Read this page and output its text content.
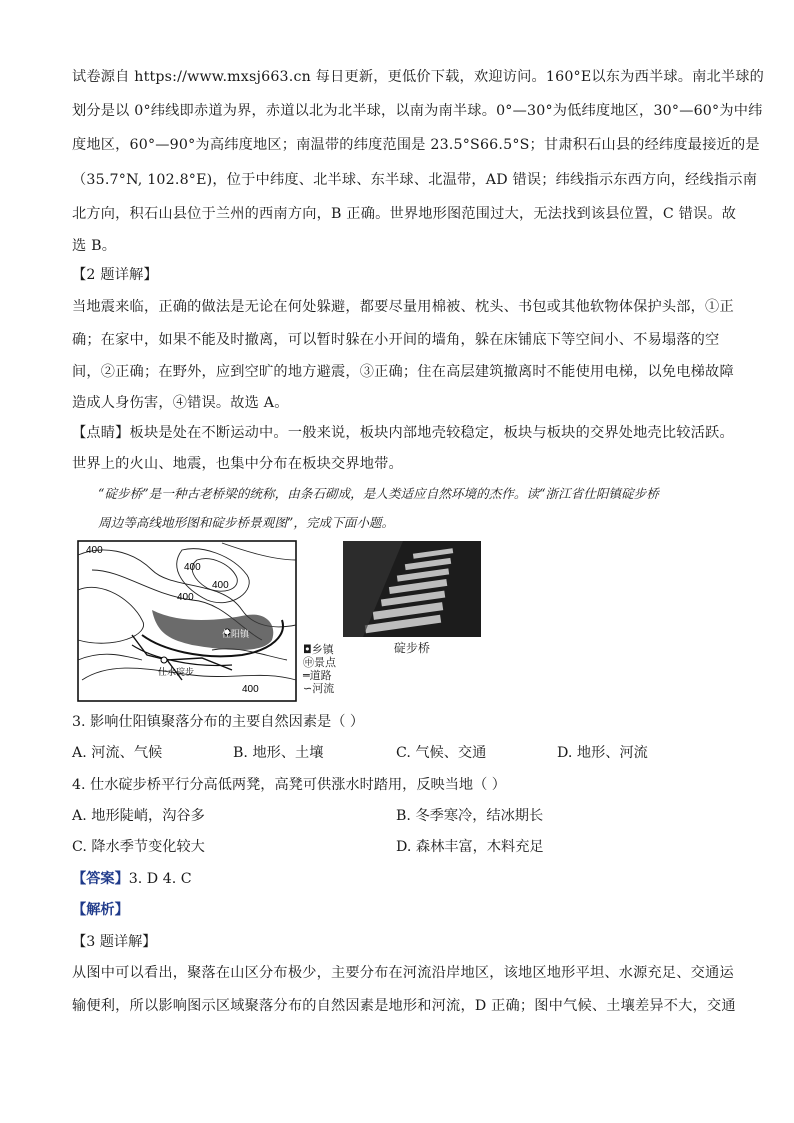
试卷源自 https://www.mxsj663.cn 每日更新，更低价下载，欢迎访问。160°E以东为西半球。南北半球的
划分是以 0°纬线即赤道为界，赤道以北为北半球，以南为南半球。0°—30°为低纬度地区，30°—60°为中纬
度地区，60°—90°为高纬度地区；南温带的纬度范围是 23.5°S66.5°S；甘肃积石山县的经纬度最接近的是
（35.7°N, 102.8°E)，位于中纬度、北半球、东半球、北温带，AD 错误；纬线指示东西方向，经线指示南
北方向，积石山县位于兰州的西南方向，B 正确。世界地形图范围过大，无法找到该县位置，C 错误。故
选 B。
【2 题详解】
当地震来临，正确的做法是无论在何处躲避，都要尽量用棉被、枕头、书包或其他软物体保护头部，①正
确；在家中，如果不能及时撤离，可以暂时躲在小开间的墙角，躲在床铺底下等空间小、不易塌落的空
间，②正确；在野外，应到空旷的地方避震，③正确；住在高层建筑撤离时不能使用电梯，以免电梯故障
造成人身伤害，④错误。故选 A。
【点睛】板块是处在不断运动中。一般来说，板块内部地壳较稳定，板块与板块的交界处地壳比较活跃。
世界上的火山、地震，也集中分布在板块交界地带。
“碇步桥”是一种古老桥梁的统称，由条石砌成，是人类适应自然环境的杰作。读“浙江省仕阳镇碇步桥
周边等高线地形图和碇步桥景观图”，完成下面小题。
400
400
400
400
400
仕阳镇
仕水碇步
◘乡镇
㊥景点
═道路
∽河流
碇步桥
3. 影响仕阳镇聚落分布的主要自然因素是（ ）
A. 河流、气候	B. 地形、土壤	C. 气候、交通	D. 地形、河流
4. 仕水碇步桥平行分高低两凳，高凳可供涨水时踏用，反映当地（ ）
A. 地形陡峭，沟谷多	B. 冬季寒冷，结冰期长
C. 降水季节变化较大	D. 森林丰富，木料充足
【答案】3. D 4. C
【解析】
【3 题详解】
从图中可以看出，聚落在山区分布极少，主要分布在河流沿岸地区，该地区地形平坦、水源充足、交通运
输便利，所以影响图示区域聚落分布的自然因素是地形和河流，D 正确；图中气候、土壤差异不大，交通
